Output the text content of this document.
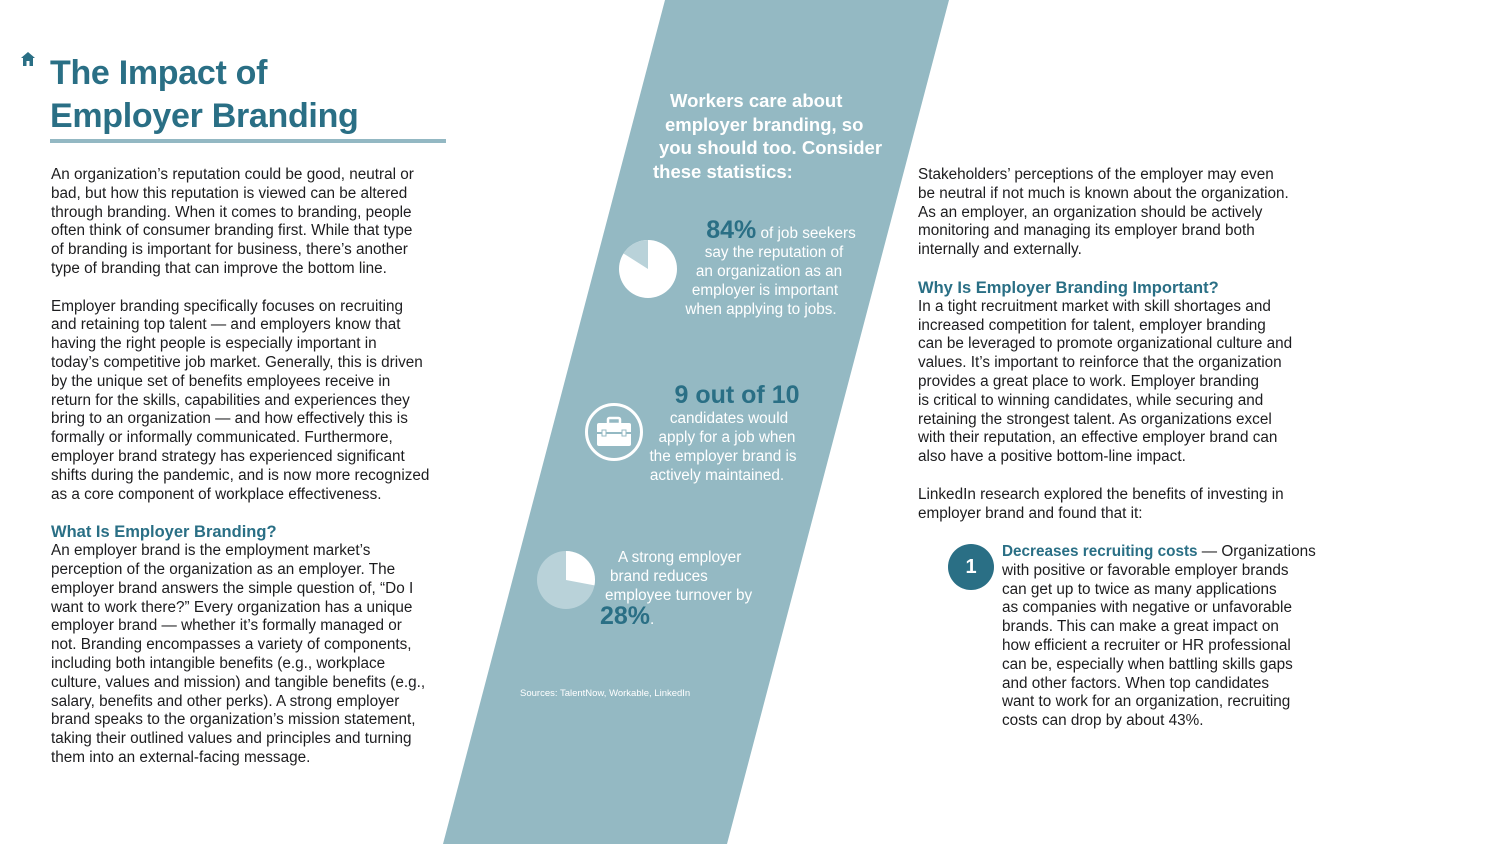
The Impact of
Employer Branding

An organization’s reputation could be good, neutral or
bad, but how this reputation is viewed can be altered
through branding. When it comes to branding, people
often think of consumer branding first. While that type
of branding is important for business, there’s another
type of branding that can improve the bottom line.

Employer branding specifically focuses on recruiting
and retaining top talent — and employers know that
having the right people is especially important in
today’s competitive job market. Generally, this is driven
by the unique set of benefits employees receive in
return for the skills, capabilities and experiences they
bring to an organization — and how effectively this is
formally or informally communicated. Furthermore,
employer brand strategy has experienced significant
shifts during the pandemic, and is now more recognized
as a core component of workplace effectiveness.

What Is Employer Branding?

An employer brand is the employment market’s
perception of the organization as an employer. The
employer brand answers the simple question of, “Do I
want to work there?” Every organization has a unique
employer brand — whether it’s formally managed or
not. Branding encompasses a variety of components,
including both intangible benefits (e.g., workplace
culture, values and mission) and tangible benefits (e.g.,
salary, benefits and other perks). A strong employer
brand speaks to the organization’s mission statement,
taking their outlined values and principles and turning
them into an external-facing message.

Workers care about
employer branding, so
you should too. Consider
these statistics:
84% of job seekers
say the reputation of
an organization as an
employer is important
when applying to jobs.
9 out of 10
candidates would
apply for a job when
the employer brand is
actively maintained.
A strong employer
brand reduces
employee turnover by
28%.
Sources: TalentNow, Workable, LinkedIn

Stakeholders’ perceptions of the employer may even
be neutral if not much is known about the organization.
As an employer, an organization should be actively
monitoring and managing its employer brand both
internally and externally.

Why Is Employer Branding Important?

In a tight recruitment market with skill shortages and
increased competition for talent, employer branding
can be leveraged to promote organizational culture and
values. It’s important to reinforce that the organization
provides a great place to work. Employer branding
is critical to winning candidates, while securing and
retaining the strongest talent. As organizations excel
with their reputation, an effective employer brand can
also have a positive bottom-line impact.

LinkedIn research explored the benefits of investing in
employer brand and found that it:

1
Decreases recruiting costs — Organizations
with positive or favorable employer brands
can get up to twice as many applications
as companies with negative or unfavorable
brands. This can make a great impact on
how efficient a recruiter or HR professional
can be, especially when battling skills gaps
and other factors. When top candidates
want to work for an organization, recruiting
costs can drop by about 43%.
